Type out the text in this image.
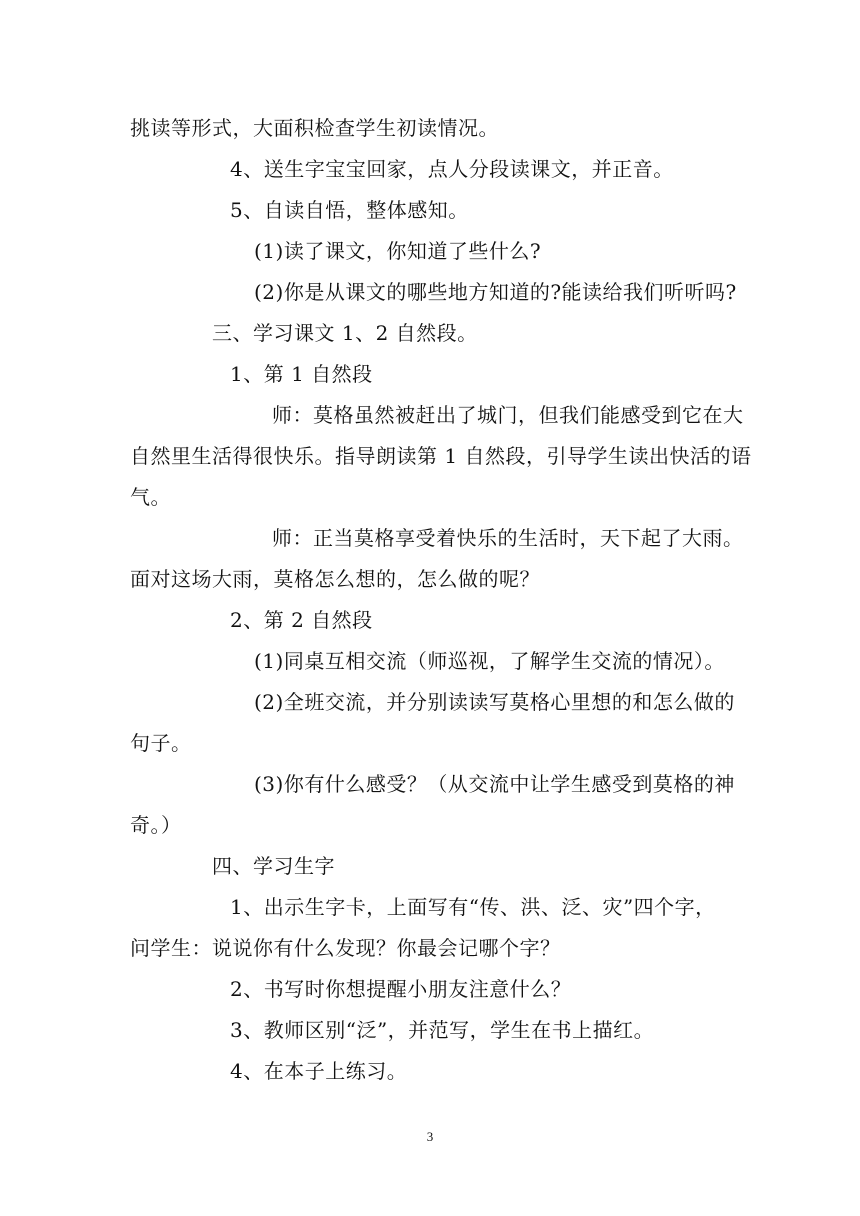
挑读等形式，大面积检查学生初读情况。
4、送生字宝宝回家，点人分段读课文，并正音。
5、自读自悟，整体感知。
(1)读了课文，你知道了些什么?
(2)你是从课文的哪些地方知道的?能读给我们听听吗?
三、学习课文 1、2 自然段。
1、第 1 自然段
师：莫格虽然被赶出了城门，但我们能感受到它在大
自然里生活得很快乐。指导朗读第 1 自然段，引导学生读出快活的语
气。
师：正当莫格享受着快乐的生活时，天下起了大雨。
面对这场大雨，莫格怎么想的，怎么做的呢？
2、第 2 自然段
(1)同桌互相交流（师巡视，了解学生交流的情况）。
(2)全班交流，并分别读读写莫格心里想的和怎么做的
句子。
(3)你有什么感受？（从交流中让学生感受到莫格的神
奇。）
四、学习生字
1、出示生字卡，上面写有“传、洪、泛、灾”四个字，
问学生：说说你有什么发现？你最会记哪个字？
2、书写时你想提醒小朋友注意什么？
3、教师区别“泛”，并范写，学生在书上描红。
4、在本子上练习。
3
